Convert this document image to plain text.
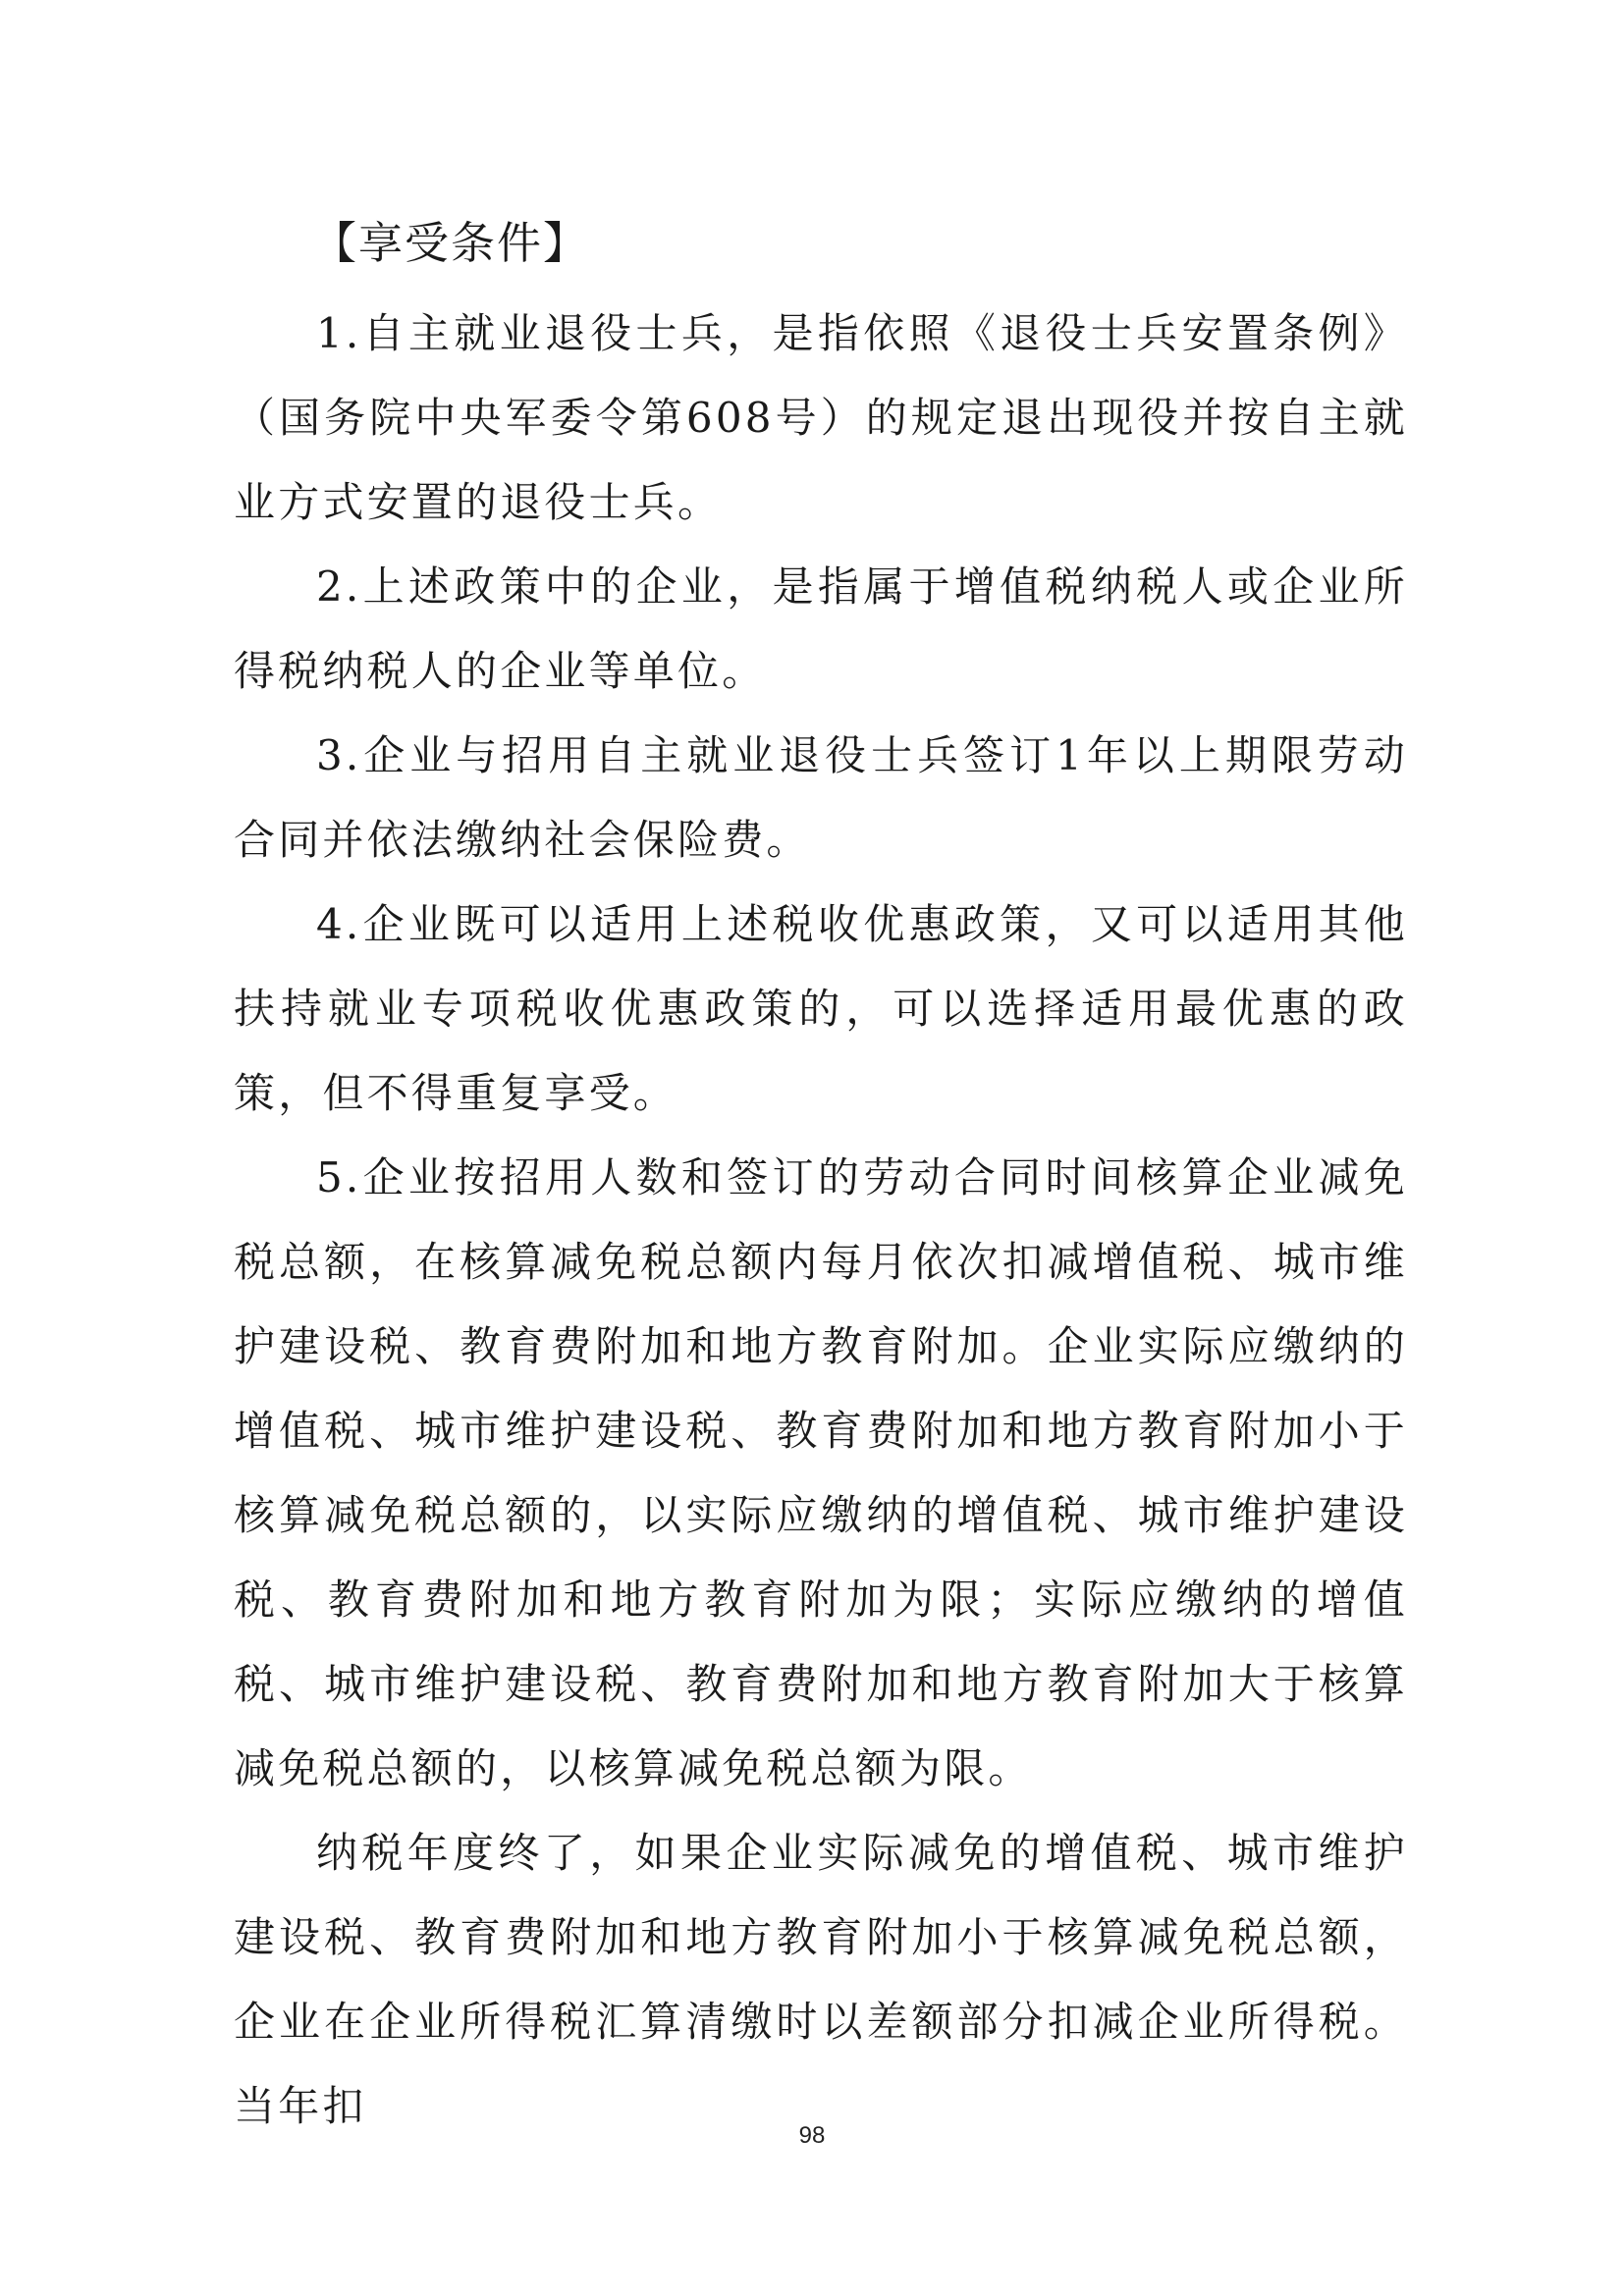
【享受条件】

1.自主就业退役士兵，是指依照《退役士兵安置条例》（国务院中央军委令第608号）的规定退出现役并按自主就业方式安置的退役士兵。

2.上述政策中的企业，是指属于增值税纳税人或企业所得税纳税人的企业等单位。

3.企业与招用自主就业退役士兵签订1年以上期限劳动合同并依法缴纳社会保险费。

4.企业既可以适用上述税收优惠政策，又可以适用其他扶持就业专项税收优惠政策的，可以选择适用最优惠的政策，但不得重复享受。

5.企业按招用人数和签订的劳动合同时间核算企业减免税总额，在核算减免税总额内每月依次扣减增值税、城市维护建设税、教育费附加和地方教育附加。企业实际应缴纳的增值税、城市维护建设税、教育费附加和地方教育附加小于核算减免税总额的，以实际应缴纳的增值税、城市维护建设税、教育费附加和地方教育附加为限；实际应缴纳的增值税、城市维护建设税、教育费附加和地方教育附加大于核算减免税总额的，以核算减免税总额为限。

纳税年度终了，如果企业实际减免的增值税、城市维护建设税、教育费附加和地方教育附加小于核算减免税总额，企业在企业所得税汇算清缴时以差额部分扣减企业所得税。当年扣

98
